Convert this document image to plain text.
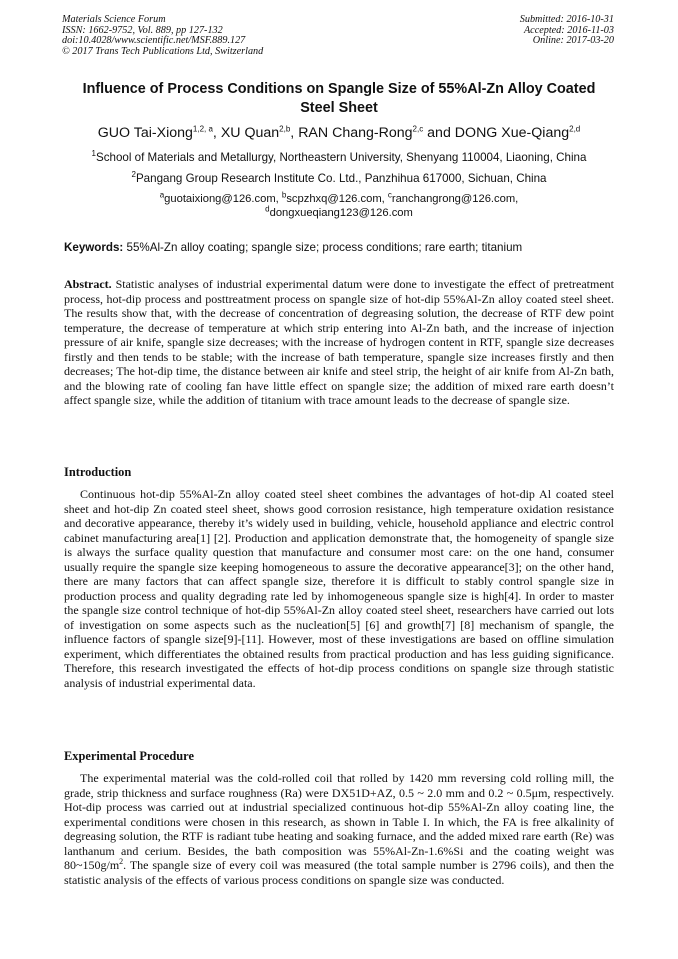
Materials Science Forum
ISSN: 1662-9752, Vol. 889, pp 127-132
doi:10.4028/www.scientific.net/MSF.889.127
© 2017 Trans Tech Publications Ltd, Switzerland
Submitted: 2016-10-31
Accepted: 2016-11-03
Online: 2017-03-20
Influence of Process Conditions on Spangle Size of 55%Al-Zn Alloy Coated Steel Sheet
GUO Tai-Xiong$^{1,2, a}$, XU Quan$^{2,b}$, RAN Chang-Rong$^{2,c}$ and DONG Xue-Qiang$^{2,d}$
$^1$School of Materials and Metallurgy, Northeastern University, Shenyang 110004, Liaoning, China
$^2$Pangang Group Research Institute Co. Ltd., Panzhihua 617000, Sichuan, China
$^a$guotaixiong@126.com, $^b$scpzhxq@126.com, $^c$ranchangrong@126.com,
$^d$dongxueqiang123@126.com
Keywords: 55%Al-Zn alloy coating; spangle size; process conditions; rare earth; titanium
Abstract. Statistic analyses of industrial experimental datum were done to investigate the effect of pretreatment process, hot-dip process and posttreatment process on spangle size of hot-dip 55%Al-Zn alloy coated steel sheet. The results show that, with the decrease of concentration of degreasing solution, the decrease of RTF dew point temperature, the decrease of temperature at which strip entering into Al-Zn bath, and the increase of injection pressure of air knife, spangle size decreases; with the increase of hydrogen content in RTF, spangle size decreases firstly and then tends to be stable; with the increase of bath temperature, spangle size increases firstly and then decreases; The hot-dip time, the distance between air knife and steel strip, the height of air knife from Al-Zn bath, and the blowing rate of cooling fan have little effect on spangle size; the addition of mixed rare earth doesn’t affect spangle size, while the addition of titanium with trace amount leads to the decrease of spangle size.
Introduction
Continuous hot-dip 55%Al-Zn alloy coated steel sheet combines the advantages of hot-dip Al coated steel sheet and hot-dip Zn coated steel sheet, shows good corrosion resistance, high temperature oxidation resistance and decorative appearance, thereby it’s widely used in building, vehicle, household appliance and electric control cabinet manufacturing area[1] [2]. Production and application demonstrate that, the homogeneity of spangle size is always the surface quality question that manufacture and consumer most care: on the one hand, consumer usually require the spangle size keeping homogeneous to assure the decorative appearance[3]; on the other hand, there are many factors that can affect spangle size, therefore it is difficult to stably control spangle size in production process and quality degrading rate led by inhomogeneous spangle size is high[4]. In order to master the spangle size control technique of hot-dip 55%Al-Zn alloy coated steel sheet, researchers have carried out lots of investigation on some aspects such as the nucleation[5] [6] and growth[7] [8] mechanism of spangle, the influence factors of spangle size[9]-[11]. However, most of these investigations are based on offline simulation experiment, which differentiates the obtained results from practical production and has less guiding significance. Therefore, this research investigated the effects of hot-dip process conditions on spangle size through statistic analysis of industrial experimental data.
Experimental Procedure
The experimental material was the cold-rolled coil that rolled by 1420 mm reversing cold rolling mill, the grade, strip thickness and surface roughness (Ra) were DX51D+AZ, 0.5 ~ 2.0 mm and 0.2 ~ 0.5μm, respectively. Hot-dip process was carried out at industrial specialized continuous hot-dip 55%Al-Zn alloy coating line, the experimental conditions were chosen in this research, as shown in Table I. In which, the FA is free alkalinity of degreasing solution, the RTF is radiant tube heating and soaking furnace, and the added mixed rare earth (Re) was lanthanum and cerium. Besides, the bath composition was 55%Al-Zn-1.6%Si and the coating weight was $80\sim 150g/m^2$. The spangle size of every coil was measured (the total sample number is 2796 coils), and then the statistic analysis of the effects of various process conditions on spangle size was conducted.
